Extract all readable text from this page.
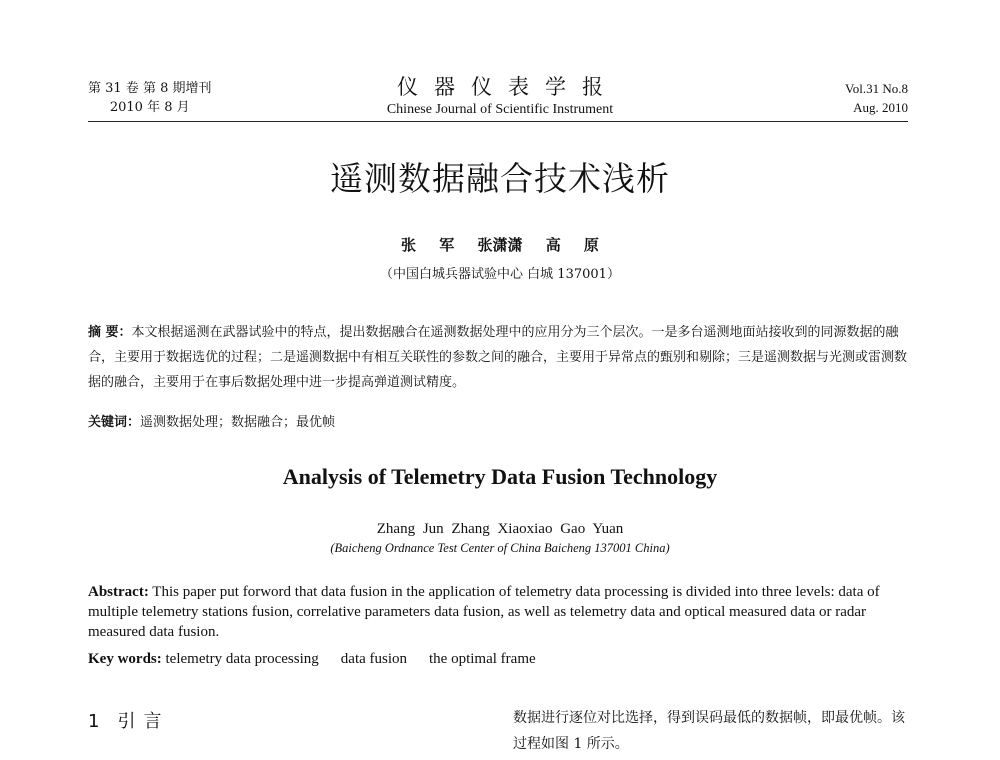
第 31 卷 第 8 期增刊
2010 年 8 月
仪器仪表学报
Chinese Journal of Scientific Instrument
Vol.31 No.8
Aug. 2010
遥测数据融合技术浅析
张 军 张潇潇 高 原
（中国白城兵器试验中心 白城 137001）
摘 要：本文根据遥测在武器试验中的特点，提出数据融合在遥测数据处理中的应用分为三个层次。一是多台遥测地面站接收到的同源数据的融合，主要用于数据选优的过程；二是遥测数据中有相互关联性的参数之间的融合，主要用于异常点的甄别和剔除；三是遥测数据与光测或雷测数据的融合，主要用于在事后数据处理中进一步提高弹道测试精度。
关键词：遥测数据处理；数据融合；最优帧
Analysis of Telemetry Data Fusion Technology
Zhang Jun Zhang Xiaoxiao Gao Yuan
(Baicheng Ordnance Test Center of China Baicheng 137001 China)
Abstract: This paper put forword that data fusion in the application of telemetry data processing is divided into three levels: data of multiple telemetry stations fusion, correlative parameters data fusion, as well as telemetry data and optical measured data or radar measured data fusion.
Key words: telemetry data processing data fusion the optimal frame
1 引言	数据进行逐位对比选择，得到误码最低的数据帧，即最优帧。该过程如图 1 所示。
